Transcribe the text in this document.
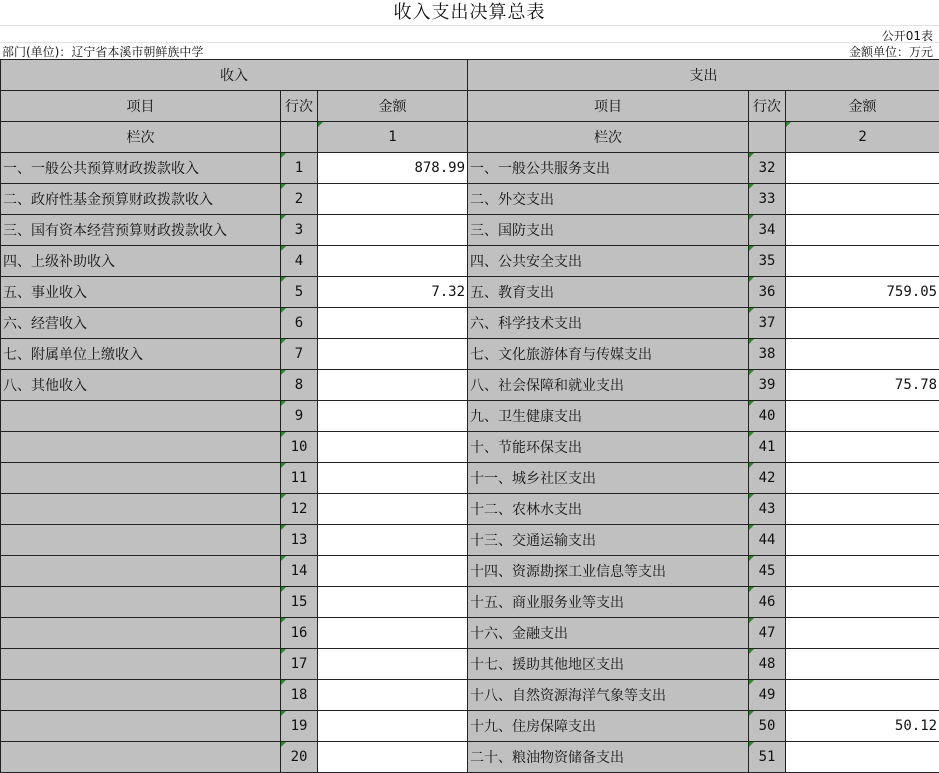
收入支出决算总表
公开01表
部门(单位)：辽宁省本溪市朝鲜族中学	金额单位：万元
收入			支出		
项目	行次	金额	项目	行次	金额
栏次		1	栏次		2
一、一般公共预算财政拨款收入	1	878.99	一、一般公共服务支出	32	
二、政府性基金预算财政拨款收入	2		二、外交支出	33	
三、国有资本经营预算财政拨款收入	3		三、国防支出	34	
四、上级补助收入	4		四、公共安全支出	35	
五、事业收入	5	7.32	五、教育支出	36	759.05
六、经营收入	6		六、科学技术支出	37	
七、附属单位上缴收入	7		七、文化旅游体育与传媒支出	38	
八、其他收入	8		八、社会保障和就业支出	39	75.78
	9		九、卫生健康支出	40	
	10		十、节能环保支出	41	
	11		十一、城乡社区支出	42	
	12		十二、农林水支出	43	
	13		十三、交通运输支出	44	
	14		十四、资源勘探工业信息等支出	45	
	15		十五、商业服务业等支出	46	
	16		十六、金融支出	47	
	17		十七、援助其他地区支出	48	
	18		十八、自然资源海洋气象等支出	49	
	19		十九、住房保障支出	50	50.12
	20		二十、粮油物资储备支出	51	
